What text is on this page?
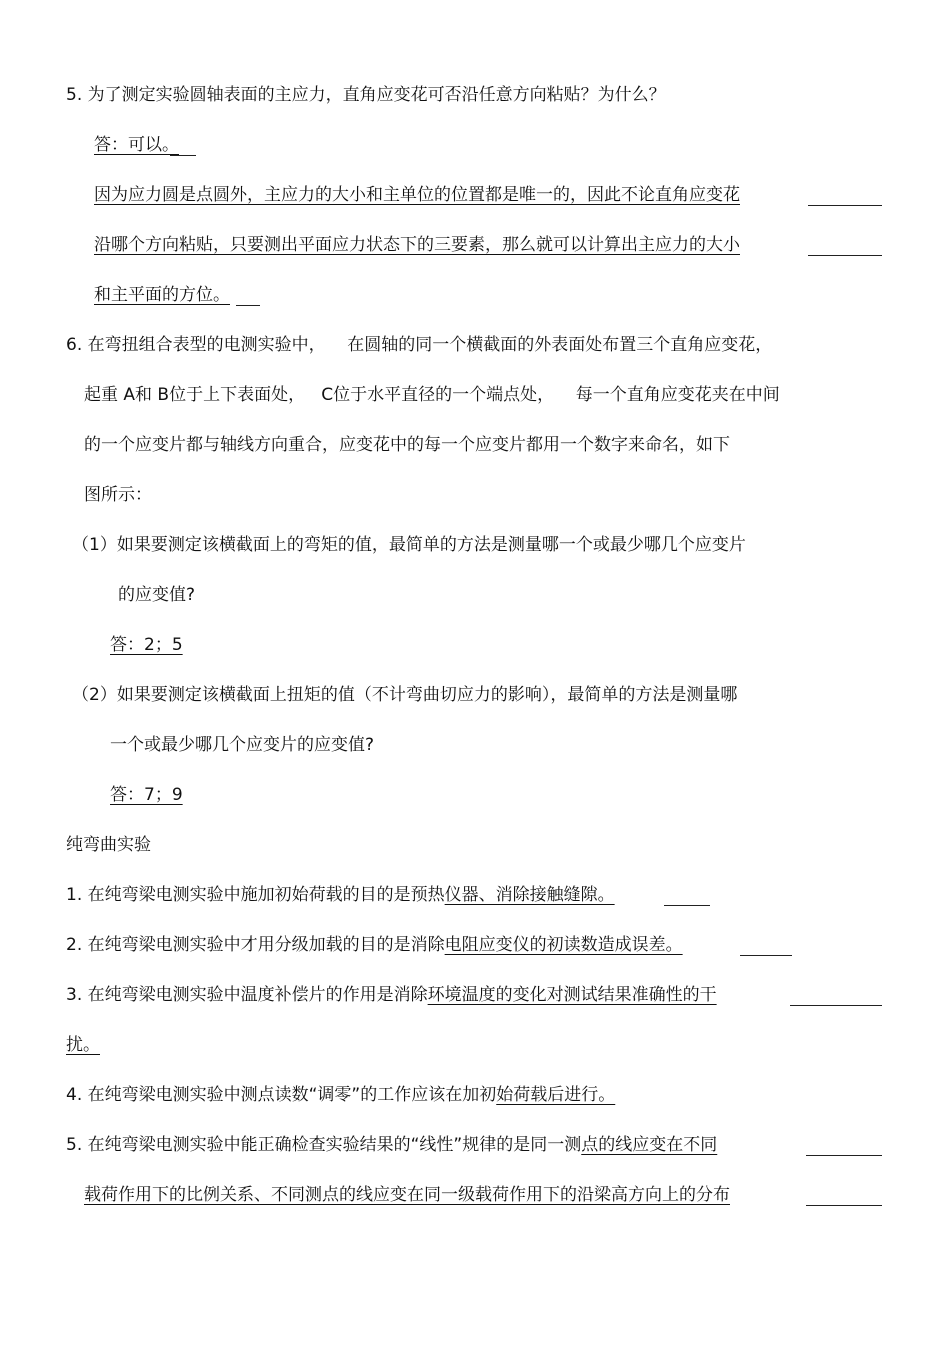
5. 为了测定实验圆轴表面的主应力，直角应变花可否沿任意方向粘贴？为什么？
答：可以。
因为应力圆是点圆外，主应力的大小和主单位的位置都是唯一的，因此不论直角应变花
沿哪个方向粘贴，只要测出平面应力状态下的三要素，那么就可以计算出主应力的大小
和主平面的方位。
6. 在弯扭组合表型的电测实验中，    在圆轴的同一个横截面的外表面处布置三个直角应变花，
起重 A和 B位于上下表面处，   C位于水平直径的一个端点处，    每一个直角应变花夹在中间
的一个应变片都与轴线方向重合，应变花中的每一个应变片都用一个数字来命名，如下
图所示：
（1）如果要测定该横截面上的弯矩的值，最简单的方法是测量哪一个或最少哪几个应变片
的应变值?
答：2；5
（2）如果要测定该横截面上扭矩的值（不计弯曲切应力的影响），最简单的方法是测量哪
一个或最少哪几个应变片的应变值?
答：7；9
纯弯曲实验
1. 在纯弯梁电测实验中施加初始荷载的目的是预热仪器、消除接触缝隙。
2. 在纯弯梁电测实验中才用分级加载的目的是消除电阻应变仪的初读数造成误差。
3. 在纯弯梁电测实验中温度补偿片的作用是消除环境温度的变化对测试结果准确性的干
扰。
4. 在纯弯梁电测实验中测点读数“调零”的工作应该在加初始荷载后进行。
5. 在纯弯梁电测实验中能正确检查实验结果的“线性”规律的是同一测点的线应变在不同
载荷作用下的比例关系、不同测点的线应变在同一级载荷作用下的沿梁高方向上的分布
